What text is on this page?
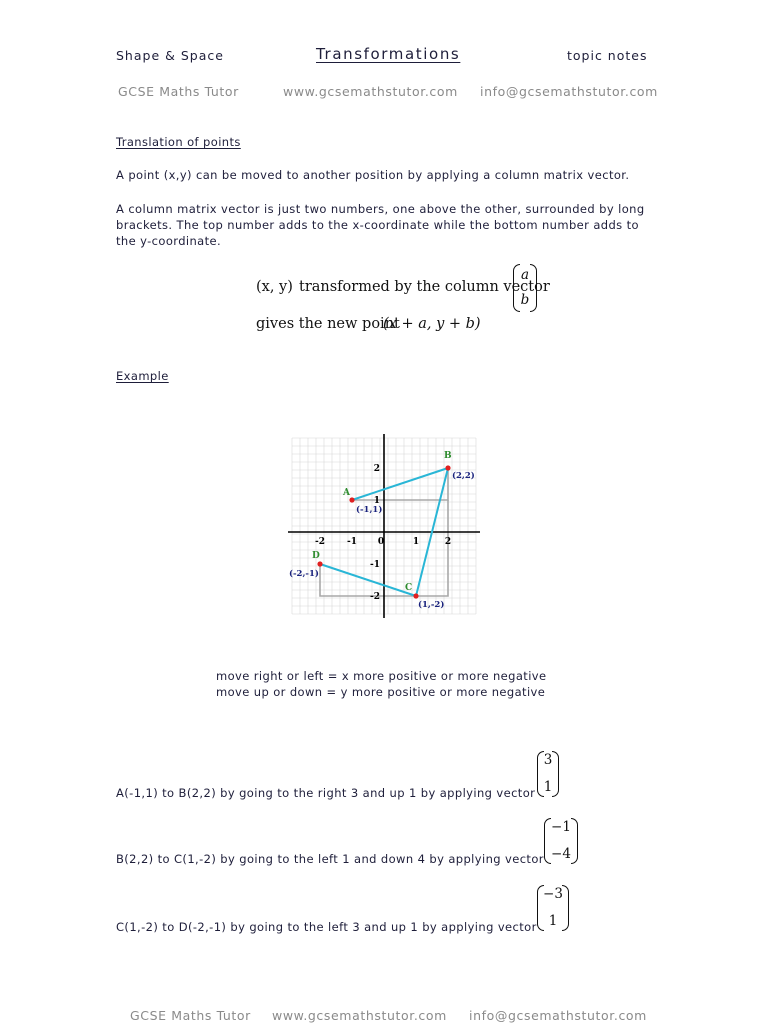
Shape & Space	Transformations	topic notes
GCSE Maths Tutor	www.gcsemathstutor.com info@gcsemathstutor.com
Translation of points
A point (x,y) can be moved to another position by applying a column matrix vector.
A column matrix vector is just two numbers, one above the other, surrounded by long brackets. The top number adds to the x-coordinate while the bottom number adds to the y-coordinate.
(x, y) transformed by the column vector
a
b
gives the new point
(x + a, y + b)
Example
-2 -1 0	1	2
2
1
-1
-2
A
(-1,1)
B
(2,2)
C
(1,-2)
D
(-2,-1)
move right or left = x more positive or more negative
move up or down = y more positive or more negative
A(-1,1) to B(2,2) by going to the right 3 and up 1 by applying vector
3
1
B(2,2) to C(1,-2) by going to the left 1 and down 4 by applying vector
−1
−4
C(1,-2) to D(-2,-1) by going to the left 3 and up 1 by applying vector
−3
1
GCSE Maths Tutor www.gcsemathstutor.com info@gcsemathstutor.com
